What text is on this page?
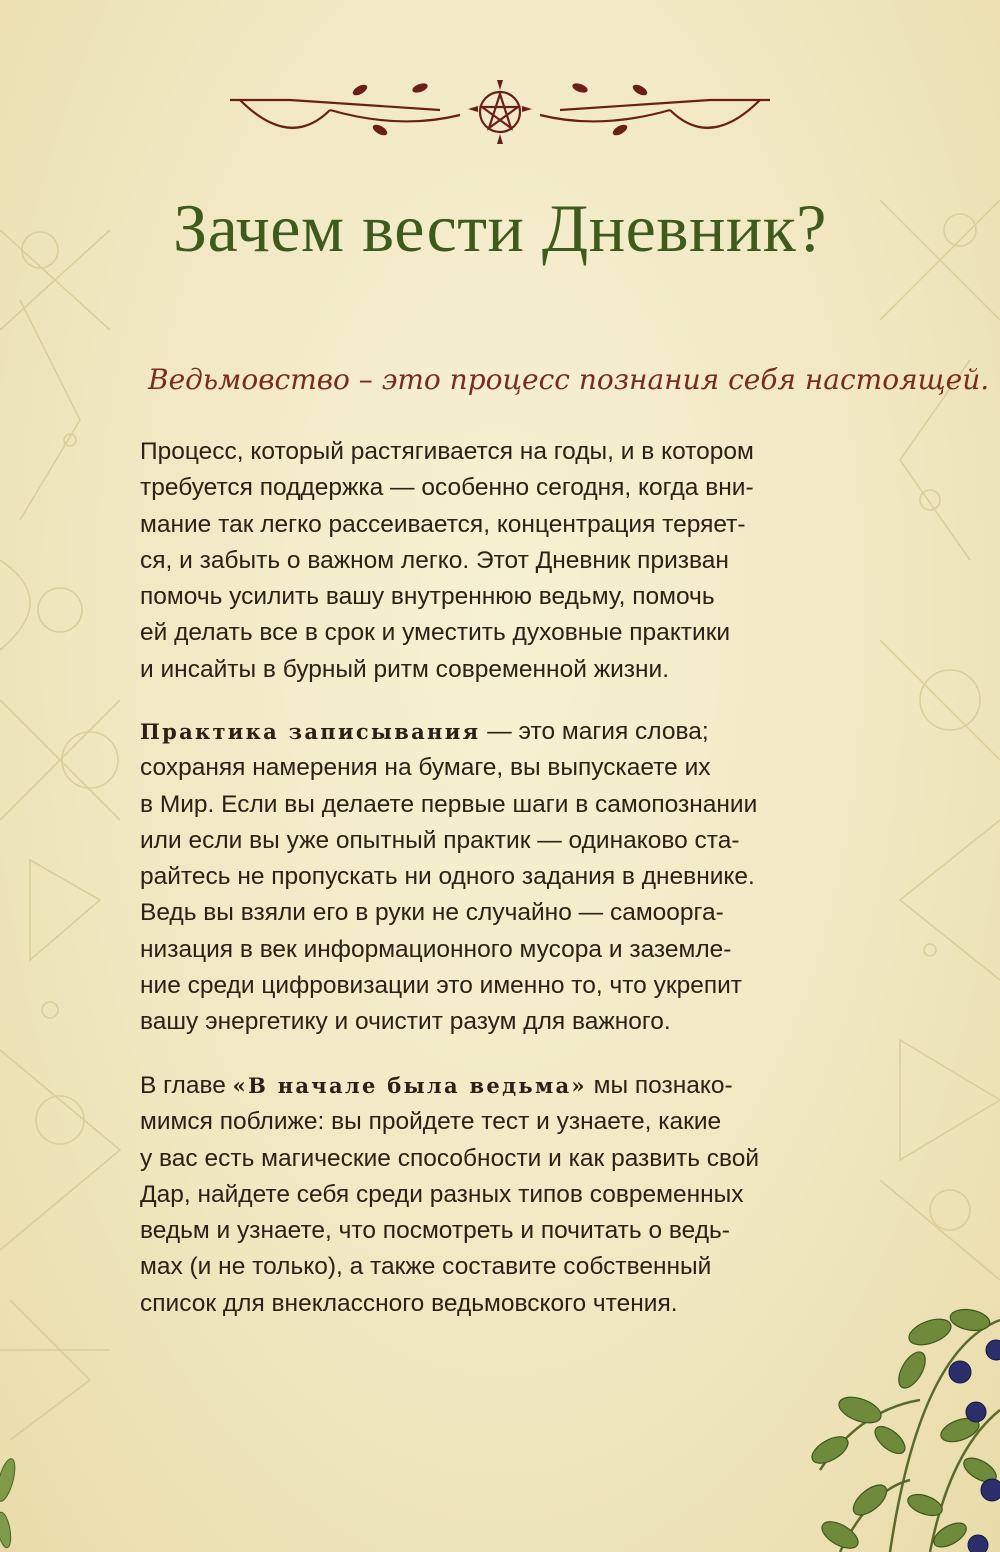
Зачем вести Дневник?
Ведьмовство – это процесс познания себя настоящей.
Процесс, который растягивается на годы, и в котором
требуется поддержка — особенно сегодня, когда вни-
мание так легко рассеивается, концентрация теряет-
ся, и забыть о важном легко. Этот Дневник призван
помочь усилить вашу внутреннюю ведьму, помочь
ей делать все в срок и уместить духовные практики
и инсайты в бурный ритм современной жизни.
Практика записывания — это магия слова;
сохраняя намерения на бумаге, вы выпускаете их
в Мир. Если вы делаете первые шаги в самопознании
или если вы уже опытный практик — одинаково ста-
райтесь не пропускать ни одного задания в дневнике.
Ведь вы взяли его в руки не случайно — самоорга-
низация в век информационного мусора и заземле-
ние среди цифровизации это именно то, что укрепит
вашу энергетику и очистит разум для важного.
В главе «В начале была ведьма» мы познако-
мимся поближе: вы пройдете тест и узнаете, какие
у вас есть магические способности и как развить свой
Дар, найдете себя среди разных типов современных
ведьм и узнаете, что посмотреть и почитать о ведь-
мах (и не только), а также составите собственный
список для внеклассного ведьмовского чтения.
